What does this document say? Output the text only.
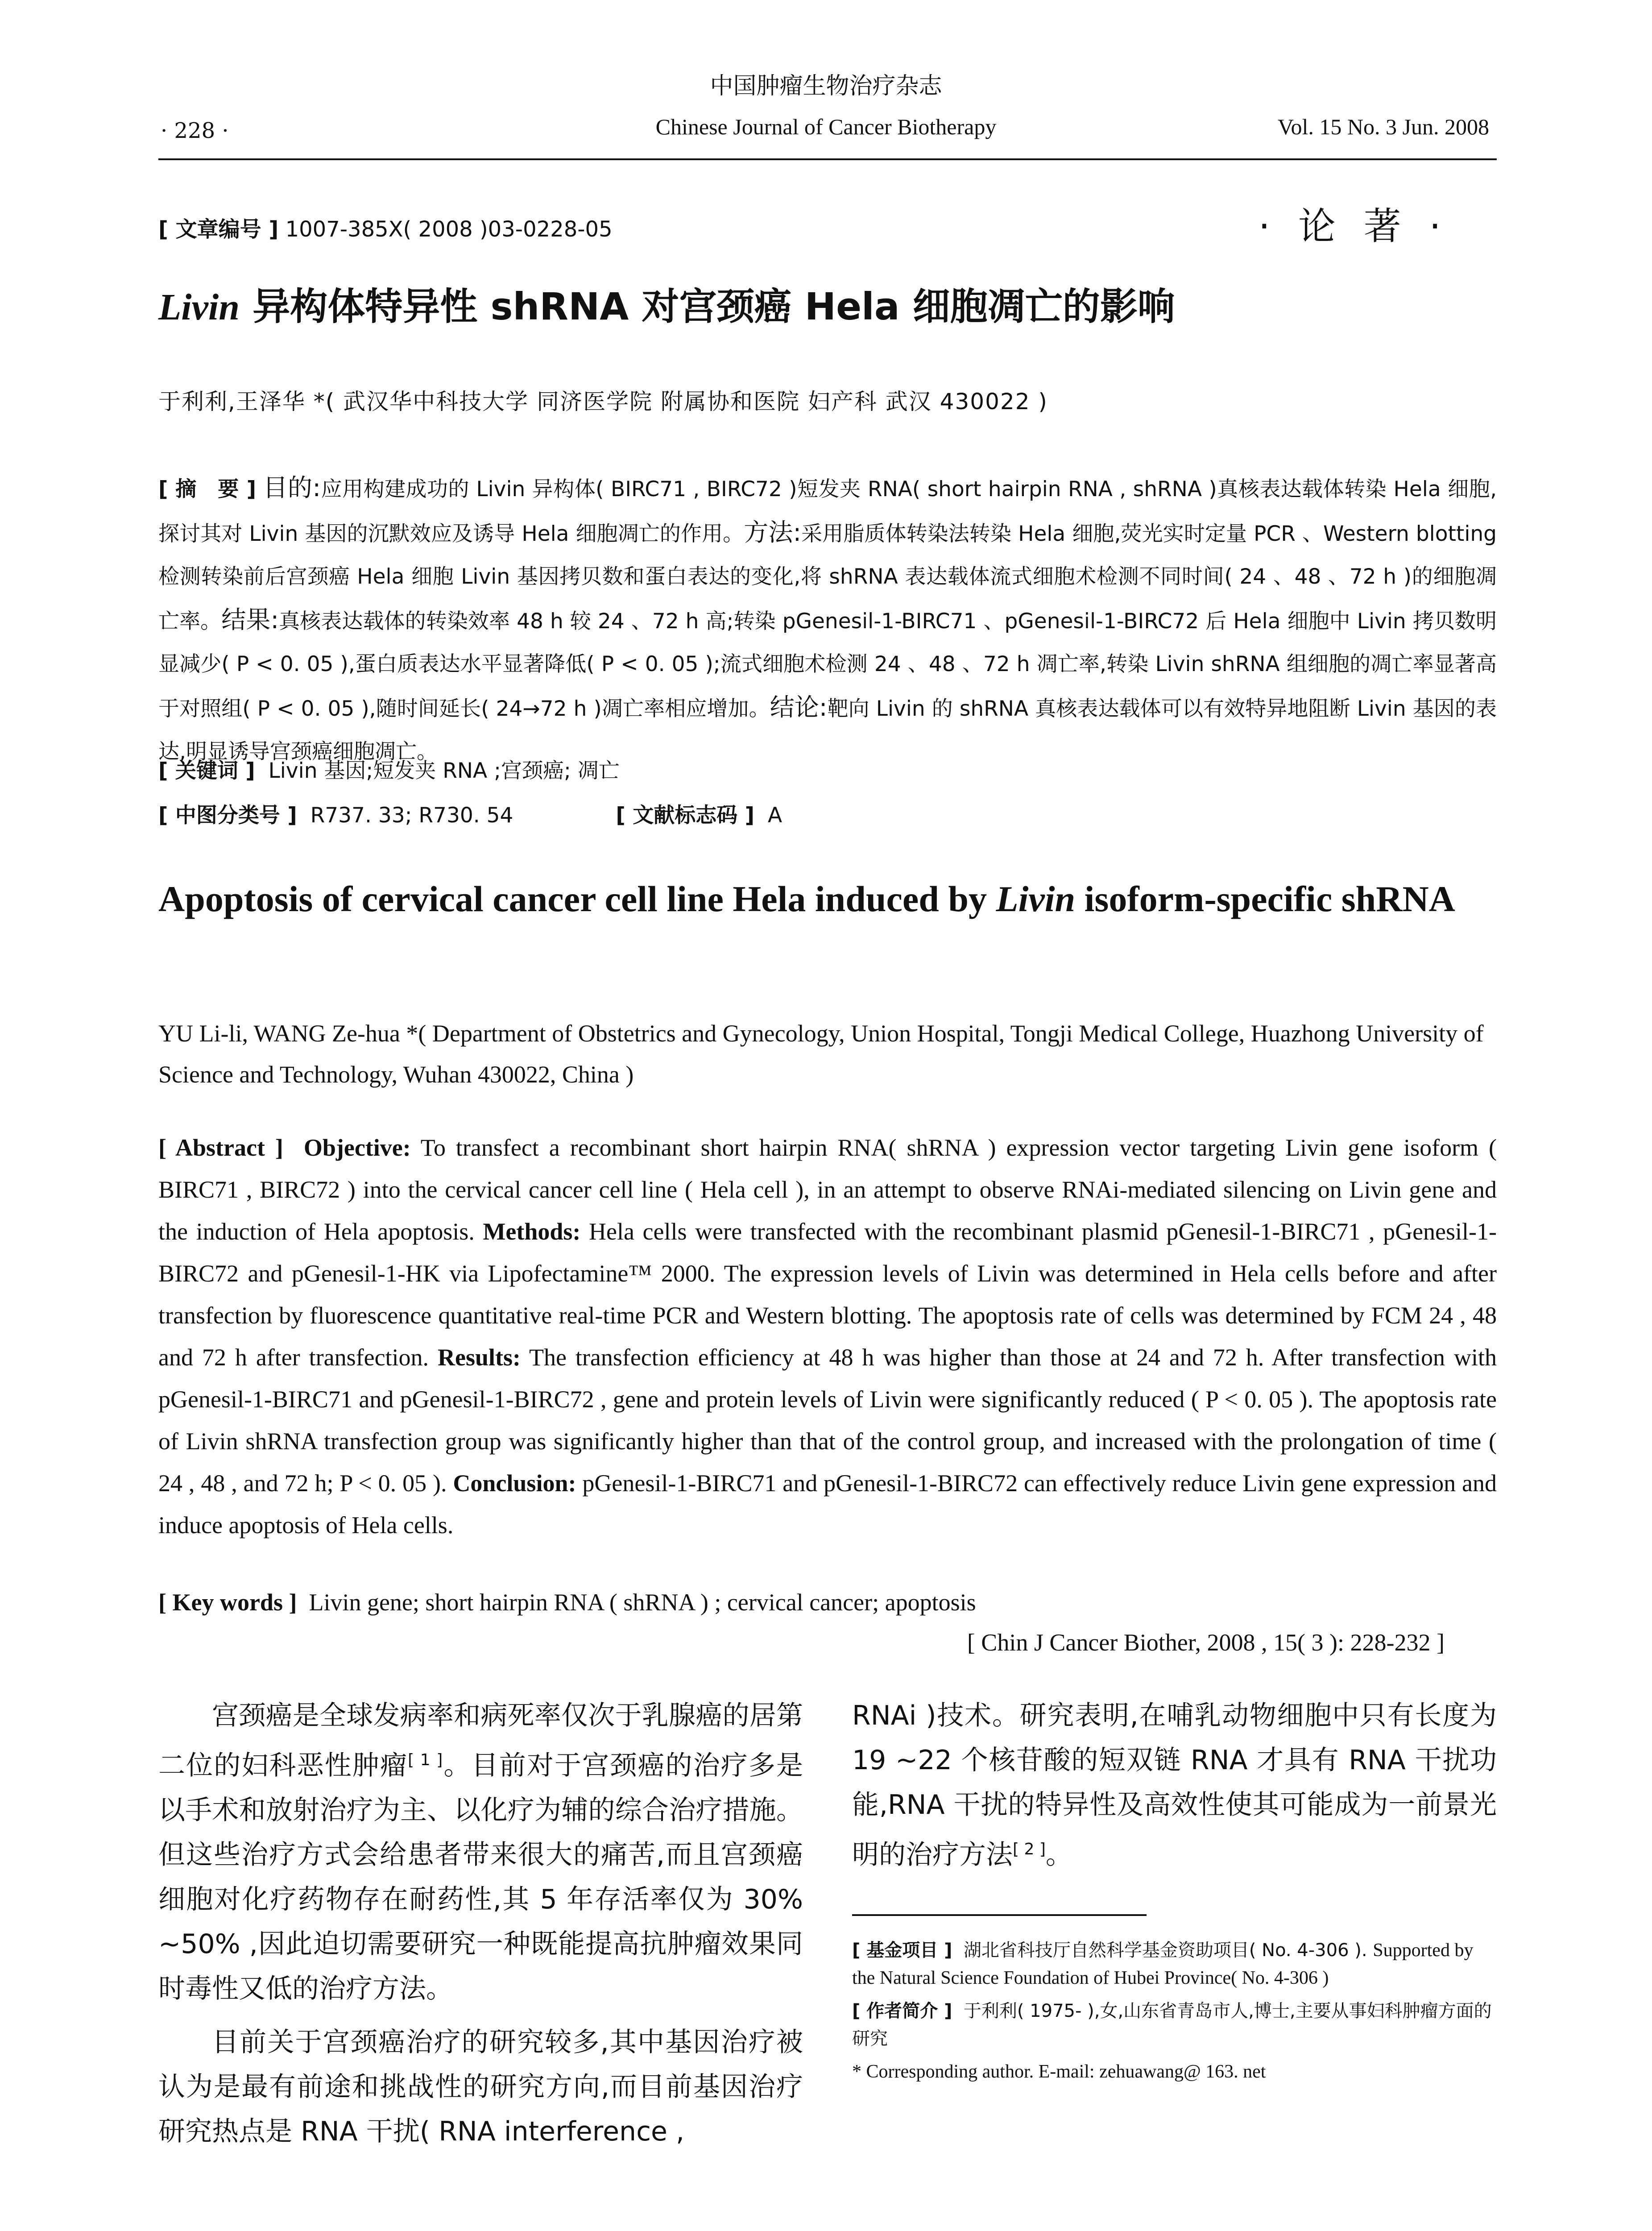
中国肿瘤生物治疗杂志
· 228 ·	Chinese Journal of Cancer Biotherapy	Vol. 15 No. 3 Jun. 2008
[ 文章编号 ] 1007-385X( 2008 )03-0228-05	· 论 著 ·
Livin 异构体特异性 shRNA 对宫颈癌 Hela 细胞凋亡的影响
于利利,王泽华 *( 武汉华中科技大学 同济医学院 附属协和医院 妇产科 武汉 430022 )
[ 摘　要 ] 目的:应用构建成功的 Livin 异构体( BIRC71 , BIRC72 )短发夹 RNA( short hairpin RNA , shRNA )真核表达载体转染 Hela 细胞,探讨其对 Livin 基因的沉默效应及诱导 Hela 细胞凋亡的作用。方法:采用脂质体转染法转染 Hela 细胞,荧光实时定量 PCR 、Western blotting 检测转染前后宫颈癌 Hela 细胞 Livin 基因拷贝数和蛋白表达的变化,将 shRNA 表达载体流式细胞术检测不同时间( 24 、48 、72 h )的细胞凋亡率。结果:真核表达载体的转染效率 48 h 较 24 、72 h 高;转染 pGenesil-1-BIRC71 、pGenesil-1-BIRC72 后 Hela 细胞中 Livin 拷贝数明显减少( P < 0. 05 ),蛋白质表达水平显著降低( P < 0. 05 );流式细胞术检测 24 、48 、72 h 凋亡率,转染 Livin shRNA 组细胞的凋亡率显著高于对照组( P < 0. 05 ),随时间延长( 24→72 h )凋亡率相应增加。结论:靶向 Livin 的 shRNA 真核表达载体可以有效特异地阻断 Livin 基因的表达,明显诱导宫颈癌细胞凋亡。
[ 关键词 ] Livin 基因;短发夹 RNA ;宫颈癌; 凋亡
[ 中图分类号 ] R737. 33; R730. 54	[ 文献标志码 ] A
Apoptosis of cervical cancer cell line Hela induced by Livin isoform-specific shRNA
YU Li-li, WANG Ze-hua *( Department of Obstetrics and Gynecology, Union Hospital, Tongji Medical College, Huazhong University of Science and Technology, Wuhan 430022, China )
[ Abstract ] Objective: To transfect a recombinant short hairpin RNA( shRNA ) expression vector targeting Livin gene isoform ( BIRC71 , BIRC72 ) into the cervical cancer cell line ( Hela cell ), in an attempt to observe RNAi-mediated silencing on Livin gene and the induction of Hela apoptosis. Methods: Hela cells were transfected with the recombinant plasmid pGenesil-1-BIRC71 , pGenesil-1-BIRC72 and pGenesil-1-HK via Lipofectamine™ 2000. The expression levels of Livin was determined in Hela cells before and after transfection by fluorescence quantitative real-time PCR and Western blotting. The apoptosis rate of cells was determined by FCM 24 , 48 and 72 h after transfection. Results: The transfection efficiency at 48 h was higher than those at 24 and 72 h. After transfection with pGenesil-1-BIRC71 and pGenesil-1-BIRC72 , gene and protein levels of Livin were significantly reduced ( P < 0. 05 ). The apoptosis rate of Livin shRNA transfection group was significantly higher than that of the control group, and increased with the prolongation of time ( 24 , 48 , and 72 h; P < 0. 05 ). Conclusion: pGenesil-1-BIRC71 and pGenesil-1-BIRC72 can effectively reduce Livin gene expression and induce apoptosis of Hela cells.
[ Key words ] Livin gene; short hairpin RNA ( shRNA ) ; cervical cancer; apoptosis
[ Chin J Cancer Biother, 2008 , 15( 3 ): 228-232 ]

宫颈癌是全球发病率和病死率仅次于乳腺癌的居第二位的妇科恶性肿瘤[ 1 ]。目前对于宫颈癌的治疗多是以手术和放射治疗为主、以化疗为辅的综合治疗措施。但这些治疗方式会给患者带来很大的痛苦,而且宫颈癌细胞对化疗药物存在耐药性,其 5 年存活率仅为 30% ~50% ,因此迫切需要研究一种既能提高抗肿瘤效果同时毒性又低的治疗方法。

目前关于宫颈癌治疗的研究较多,其中基因治疗被认为是最有前途和挑战性的研究方向,而目前基因治疗研究热点是 RNA 干扰( RNA interference ,

RNAi )技术。研究表明,在哺乳动物细胞中只有长度为 19 ~22 个核苷酸的短双链 RNA 才具有 RNA 干扰功能,RNA 干扰的特异性及高效性使其可能成为一前景光明的治疗方法[ 2 ]。

[ 基金项目 ] 湖北省科技厅自然科学基金资助项目( No. 4-306 ). Supported by the Natural Science Foundation of Hubei Province( No. 4-306 )
[ 作者简介 ] 于利利( 1975- ),女,山东省青岛市人,博士,主要从事妇科肿瘤方面的研究
* Corresponding author. E-mail: zehuawang@ 163. net
